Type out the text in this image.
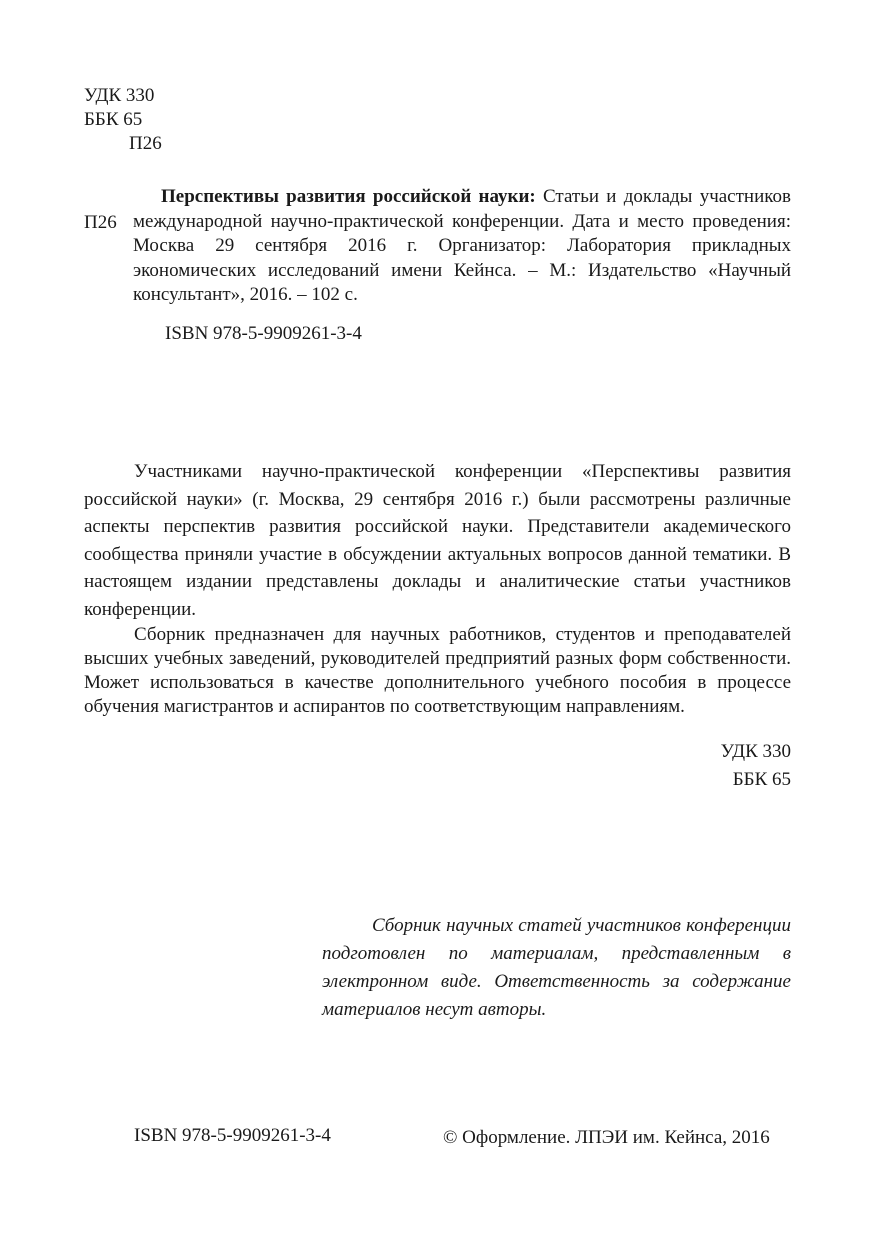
УДК 330
ББК 65
П26
П26
Перспективы развития российской науки: Статьи и доклады участников международной научно-практической конференции. Дата и место проведения: Москва 29 сентября 2016 г. Организатор: Лаборатория прикладных экономических исследований имени Кейнса. – М.: Издательство «Научный консультант», 2016. – 102 с.
ISBN 978-5-9909261-3-4

Участниками научно-практической конференции «Перспективы развития российской науки» (г. Москва, 29 сентября 2016 г.) были рассмотрены различные аспекты перспектив развития российской науки. Представители академического сообщества приняли участие в обсуждении актуальных вопросов данной тематики. В настоящем издании представлены доклады и аналитические статьи участников конференции.

Сборник предназначен для научных работников, студентов и преподавателей высших учебных заведений, руководителей предприятий разных форм собственности. Может использоваться в качестве дополнительного учебного пособия в процессе обучения магистрантов и аспирантов по соответствующим направлениям.

УДК 330
ББК 65
Сборник научных статей участников конференции подготовлен по материалам, представленным в электронном виде. Ответственность за содержание материалов несут авторы.
ISBN 978-5-9909261-3-4	© Оформление. ЛПЭИ им. Кейнса, 2016
